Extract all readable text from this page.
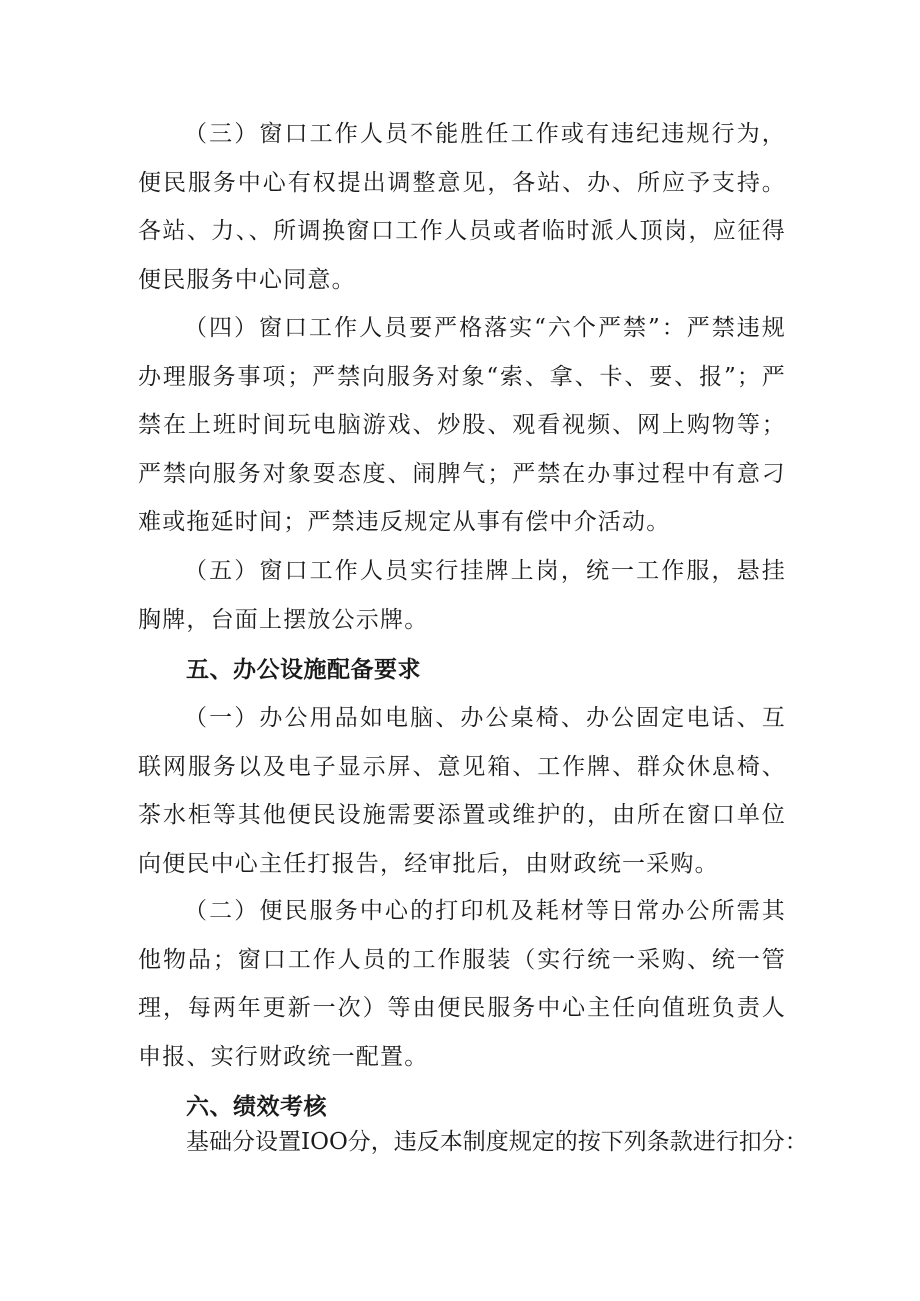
（三）窗口工作人员不能胜任工作或有违纪违规行为，便民服务中心有权提出调整意见，各站、办、所应予支持。各站、力、、所调换窗口工作人员或者临时派人顶岗，应征得便民服务中心同意。

（四）窗口工作人员要严格落实“六个严禁”：严禁违规办理服务事项；严禁向服务对象“索、拿、卡、要、报”；严禁在上班时间玩电脑游戏、炒股、观看视频、网上购物等；严禁向服务对象耍态度、闹脾气；严禁在办事过程中有意刁难或拖延时间；严禁违反规定从事有偿中介活动。

（五）窗口工作人员实行挂牌上岗，统一工作服，悬挂胸牌，台面上摆放公示牌。

五、办公设施配备要求

（一）办公用品如电脑、办公桌椅、办公固定电话、互联网服务以及电子显示屏、意见箱、工作牌、群众休息椅、茶水柜等其他便民设施需要添置或维护的，由所在窗口单位向便民中心主任打报告，经审批后，由财政统一采购。

（二）便民服务中心的打印机及耗材等日常办公所需其他物品；窗口工作人员的工作服装（实行统一采购、统一管理，每两年更新一次）等由便民服务中心主任向值班负责人申报、实行财政统一配置。

六、绩效考核

基础分设置IOO分，违反本制度规定的按下列条款进行扣分：
